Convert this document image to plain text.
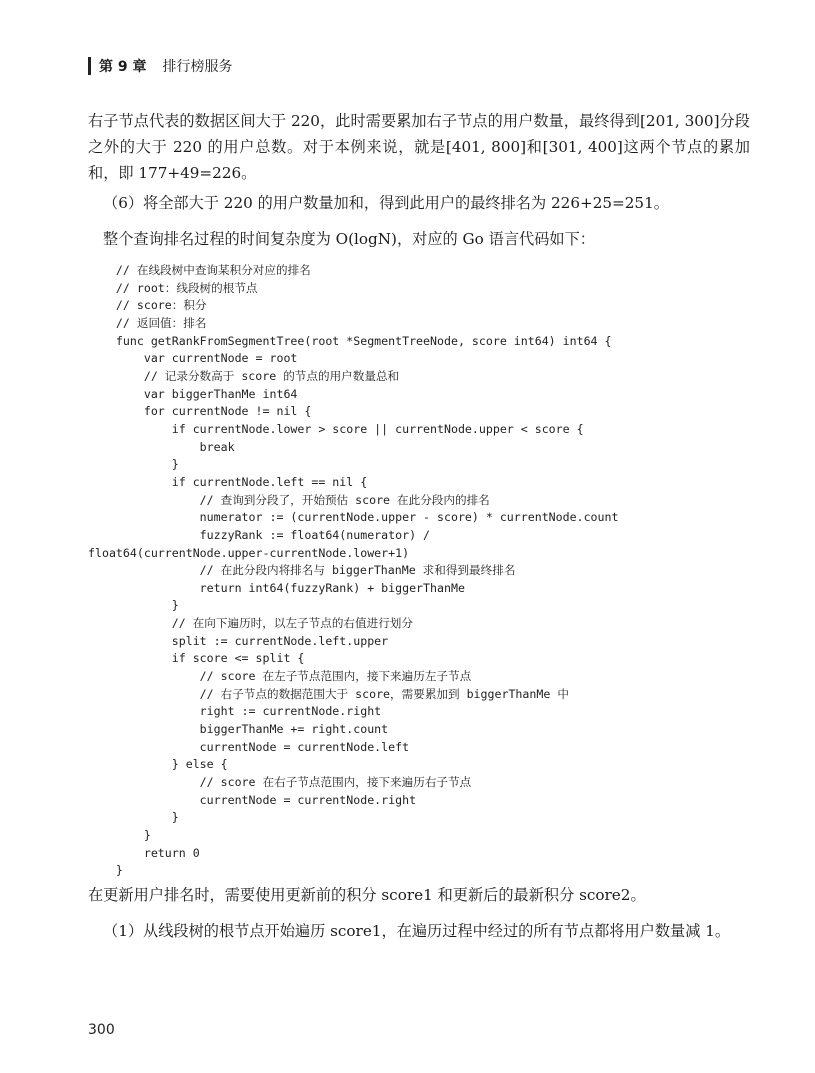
第 9 章 排行榜服务

右子节点代表的数据区间大于 220，此时需要累加右子节点的用户数量，最终得到[201, 300]分段之外的大于 220 的用户总数。对于本例来说，就是[401, 800]和[301, 400]这两个节点的累加和，即 177+49=226。

（6）将全部大于 220 的用户数量加和，得到此用户的最终排名为 226+25=251。

整个查询排名过程的时间复杂度为 O(logN)，对应的 Go 语言代码如下：

// 在线段树中查询某积分对应的排名
// root：线段树的根节点
// score：积分
// 返回值：排名
func getRankFromSegmentTree(root *SegmentTreeNode, score int64) int64 {
var currentNode = root
// 记录分数高于 score 的节点的用户数量总和
var biggerThanMe int64
for currentNode != nil {
if currentNode.lower > score || currentNode.upper < score {
break
}
if currentNode.left == nil {
// 查询到分段了，开始预估 score 在此分段内的排名
numerator := (currentNode.upper - score) * currentNode.count
fuzzyRank := float64(numerator) /
float64(currentNode.upper-currentNode.lower+1)
// 在此分段内将排名与 biggerThanMe 求和得到最终排名
return int64(fuzzyRank) + biggerThanMe
}
// 在向下遍历时，以左子节点的右值进行划分
split := currentNode.left.upper
if score <= split {
// score 在左子节点范围内，接下来遍历左子节点
// 右子节点的数据范围大于 score，需要累加到 biggerThanMe 中
right := currentNode.right
biggerThanMe += right.count
currentNode = currentNode.left
} else {
// score 在右子节点范围内，接下来遍历右子节点
currentNode = currentNode.right
}
}
return 0
}

在更新用户排名时，需要使用更新前的积分 score1 和更新后的最新积分 score2。

（1）从线段树的根节点开始遍历 score1，在遍历过程中经过的所有节点都将用户数量减 1。

300
